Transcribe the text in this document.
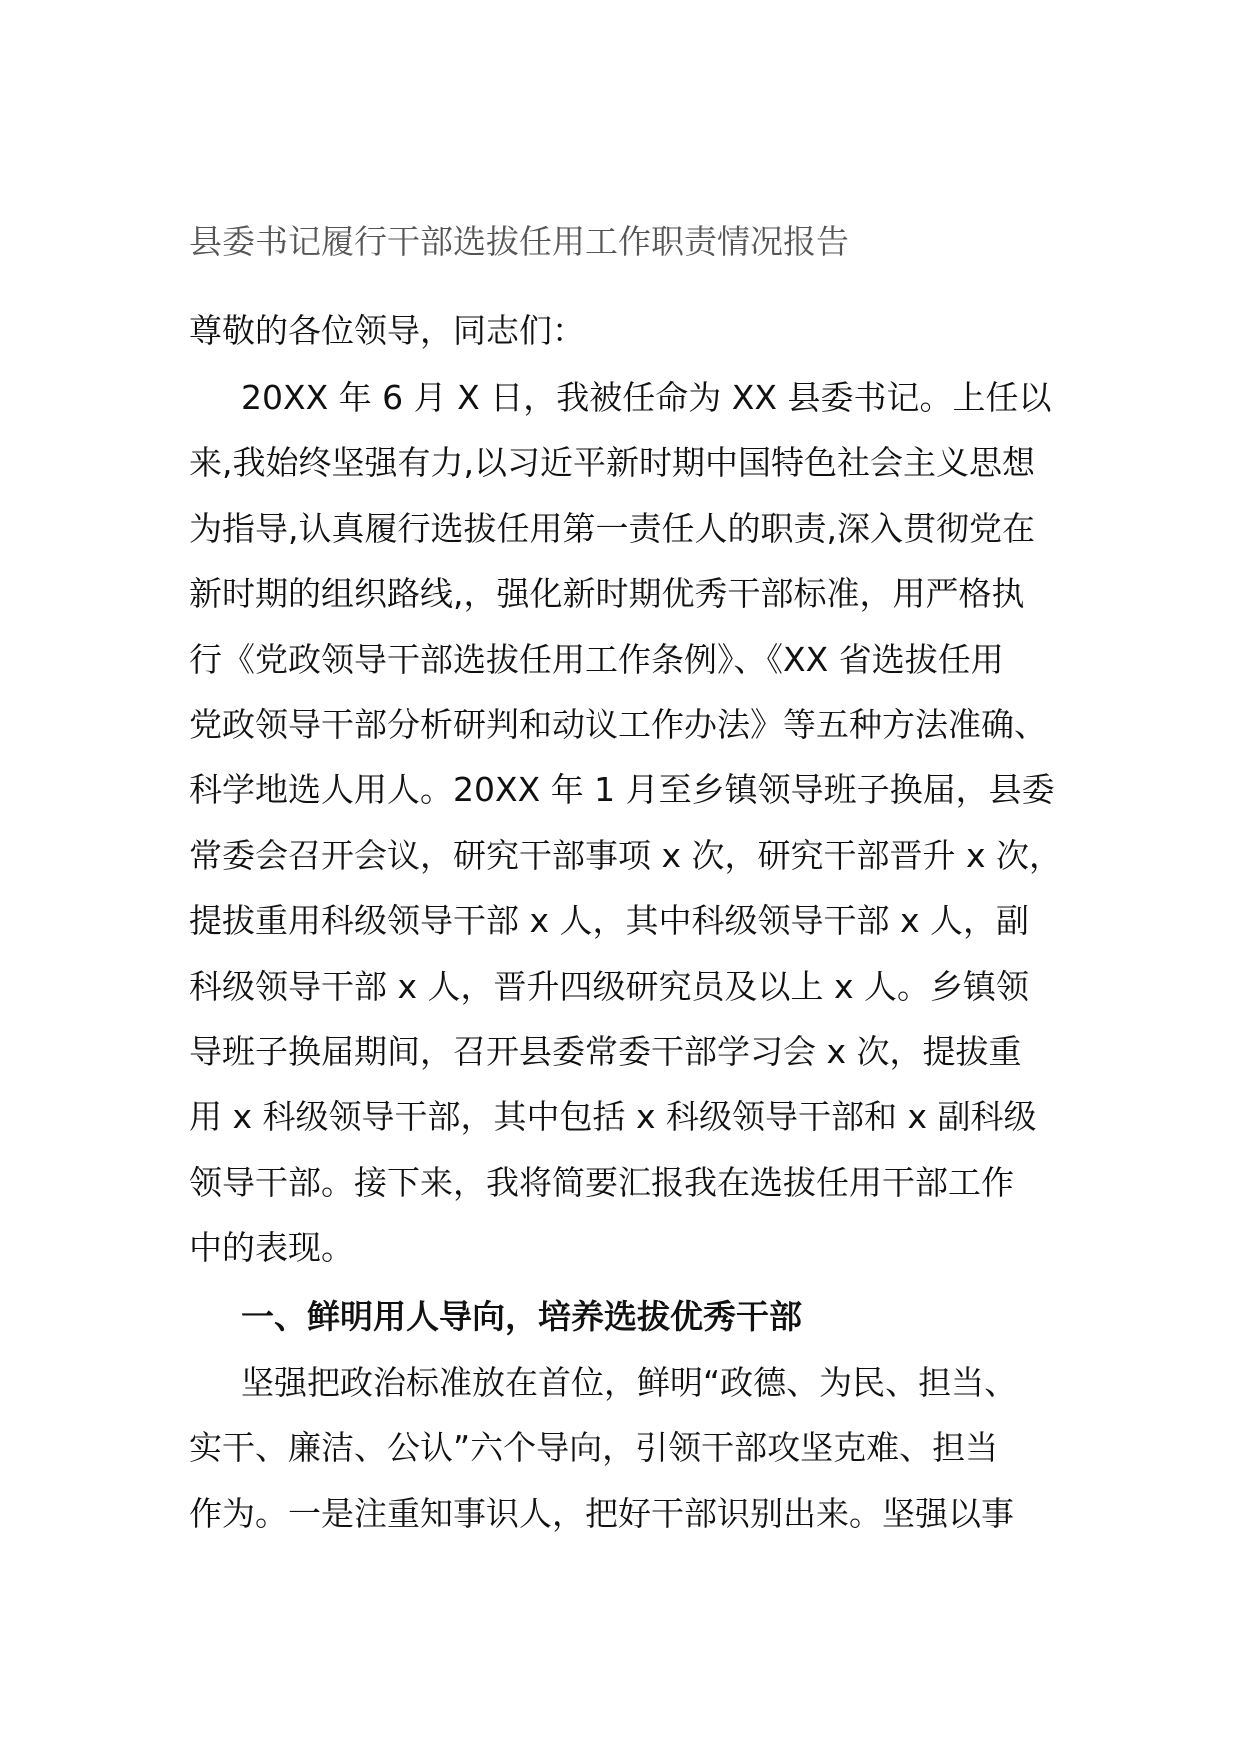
县委书记履行干部选拔任用工作职责情况报告
尊敬的各位领导，同志们：
20XX 年 6 月 X 日，我被任命为 XX 县委书记。上任以
来,我始终坚强有力,以习近平新时期中国特色社会主义思想
为指导,认真履行选拔任用第一责任人的职责,深入贯彻党在
新时期的组织路线,，强化新时期优秀干部标准，用严格执
行《党政领导干部选拔任用工作条例》、《XX 省选拔任用
党政领导干部分析研判和动议工作办法》等五种方法准确、
科学地选人用人。20XX 年 1 月至乡镇领导班子换届，县委
常委会召开会议，研究干部事项 x 次，研究干部晋升 x 次，
提拔重用科级领导干部 x 人，其中科级领导干部 x 人，副
科级领导干部 x 人，晋升四级研究员及以上 x 人。乡镇领
导班子换届期间，召开县委常委干部学习会 x 次，提拔重
用 x 科级领导干部，其中包括 x 科级领导干部和 x 副科级
领导干部。接下来，我将简要汇报我在选拔任用干部工作
中的表现。
一、鲜明用人导向，培养选拔优秀干部
坚强把政治标准放在首位，鲜明“政德、为民、担当、
实干、廉洁、公认”六个导向，引领干部攻坚克难、担当
作为。一是注重知事识人，把好干部识别出来。坚强以事
